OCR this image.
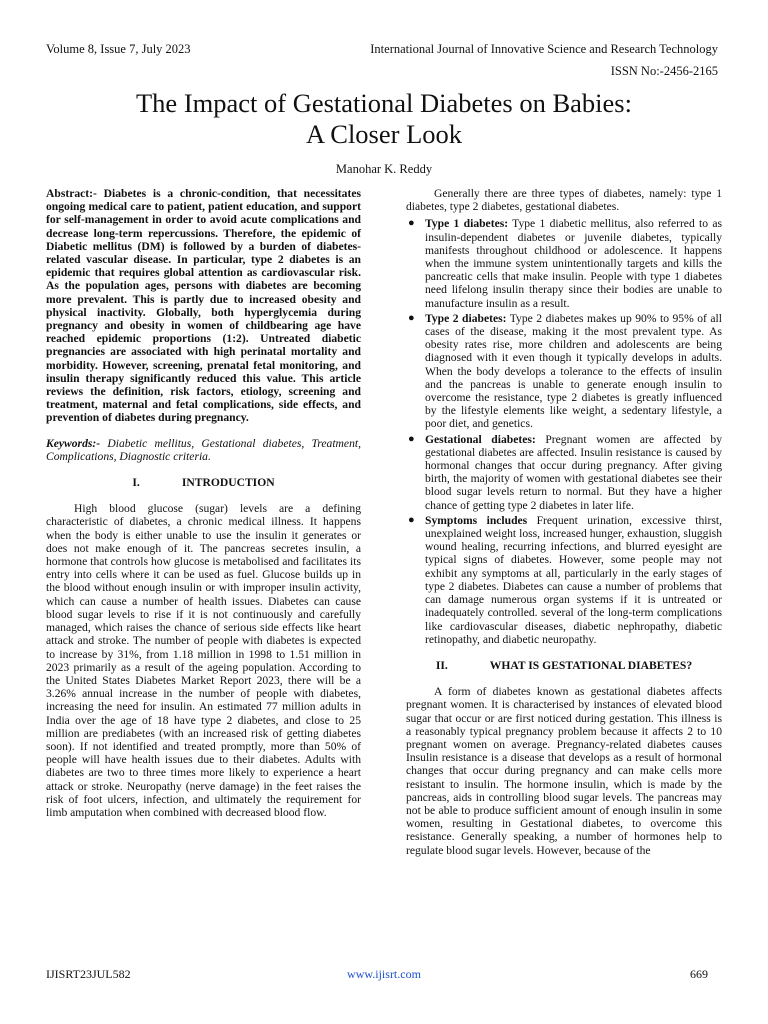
Volume 8, Issue 7, July 2023	International Journal of Innovative Science and Research Technology
ISSN No:-2456-2165
The Impact of Gestational Diabetes on Babies:
A Closer Look
Manohar K. Reddy

Abstract:- Diabetes is a chronic-condition, that necessitates ongoing medical care to patient, patient education, and support for self-management in order to avoid acute complications and decrease long-term repercussions. Therefore, the epidemic of Diabetic mellitus (DM) is followed by a burden of diabetes-related vascular disease. In particular, type 2 diabetes is an epidemic that requires global attention as cardiovascular risk. As the population ages, persons with diabetes are becoming more prevalent. This is partly due to increased obesity and physical inactivity. Globally, both hyperglycemia during pregnancy and obesity in women of childbearing age have reached epidemic proportions (1:2). Untreated diabetic pregnancies are associated with high perinatal mortality and morbidity. However, screening, prenatal fetal monitoring, and insulin therapy significantly reduced this value. This article reviews the definition, risk factors, etiology, screening and treatment, maternal and fetal complications, side effects, and prevention of diabetes during pregnancy.

Keywords:- Diabetic mellitus, Gestational diabetes, Treatment, Complications, Diagnostic criteria.

I.	INTRODUCTION

High blood glucose (sugar) levels are a defining characteristic of diabetes, a chronic medical illness. It happens when the body is either unable to use the insulin it generates or does not make enough of it. The pancreas secretes insulin, a hormone that controls how glucose is metabolised and facilitates its entry into cells where it can be used as fuel. Glucose builds up in the blood without enough insulin or with improper insulin activity, which can cause a number of health issues. Diabetes can cause blood sugar levels to rise if it is not continuously and carefully managed, which raises the chance of serious side effects like heart attack and stroke. The number of people with diabetes is expected to increase by 31%, from 1.18 million in 1998 to 1.51 million in 2023 primarily as a result of the ageing population. According to the United States Diabetes Market Report 2023, there will be a 3.26% annual increase in the number of people with diabetes, increasing the need for insulin. An estimated 77 million adults in India over the age of 18 have type 2 diabetes, and close to 25 million are prediabetes (with an increased risk of getting diabetes soon). If not identified and treated promptly, more than 50% of people will have health issues due to their diabetes. Adults with diabetes are two to three times more likely to experience a heart attack or stroke. Neuropathy (nerve damage) in the feet raises the risk of foot ulcers, infection, and ultimately the requirement for limb amputation when combined with decreased blood flow.

Generally there are three types of diabetes, namely: type 1 diabetes, type 2 diabetes, gestational diabetes.

● Type 1 diabetes: Type 1 diabetic mellitus, also referred to as insulin-dependent diabetes or juvenile diabetes, typically manifests throughout childhood or adolescence. It happens when the immune system unintentionally targets and kills the pancreatic cells that make insulin. People with type 1 diabetes need lifelong insulin therapy since their bodies are unable to manufacture insulin as a result.
● Type 2 diabetes: Type 2 diabetes makes up 90% to 95% of all cases of the disease, making it the most prevalent type. As obesity rates rise, more children and adolescents are being diagnosed with it even though it typically develops in adults. When the body develops a tolerance to the effects of insulin and the pancreas is unable to generate enough insulin to overcome the resistance, type 2 diabetes is greatly influenced by the lifestyle elements like weight, a sedentary lifestyle, a poor diet, and genetics.
● Gestational diabetes: Pregnant women are affected by gestational diabetes are affected. Insulin resistance is caused by hormonal changes that occur during pregnancy. After giving birth, the majority of women with gestational diabetes see their blood sugar levels return to normal. But they have a higher chance of getting type 2 diabetes in later life.
● Symptoms includes Frequent urination, excessive thirst, unexplained weight loss, increased hunger, exhaustion, sluggish wound healing, recurring infections, and blurred eyesight are typical signs of diabetes. However, some people may not exhibit any symptoms at all, particularly in the early stages of type 2 diabetes. Diabetes can cause a number of problems that can damage numerous organ systems if it is untreated or inadequately controlled. several of the long-term complications like cardiovascular diseases, diabetic nephropathy, diabetic retinopathy, and diabetic neuropathy.
II.	WHAT IS GESTATIONAL DIABETES?

A form of diabetes known as gestational diabetes affects pregnant women. It is characterised by instances of elevated blood sugar that occur or are first noticed during gestation. This illness is a reasonably typical pregnancy problem because it affects 2 to 10 pregnant women on average. Pregnancy-related diabetes causes Insulin resistance is a disease that develops as a result of hormonal changes that occur during pregnancy and can make cells more resistant to insulin. The hormone insulin, which is made by the pancreas, aids in controlling blood sugar levels. The pancreas may not be able to produce sufficient amount of enough insulin in some women, resulting in Gestational diabetes, to overcome this resistance. Generally speaking, a number of hormones help to regulate blood sugar levels. However, because of the

IJISRT23JUL582	www.ijisrt.com	669
